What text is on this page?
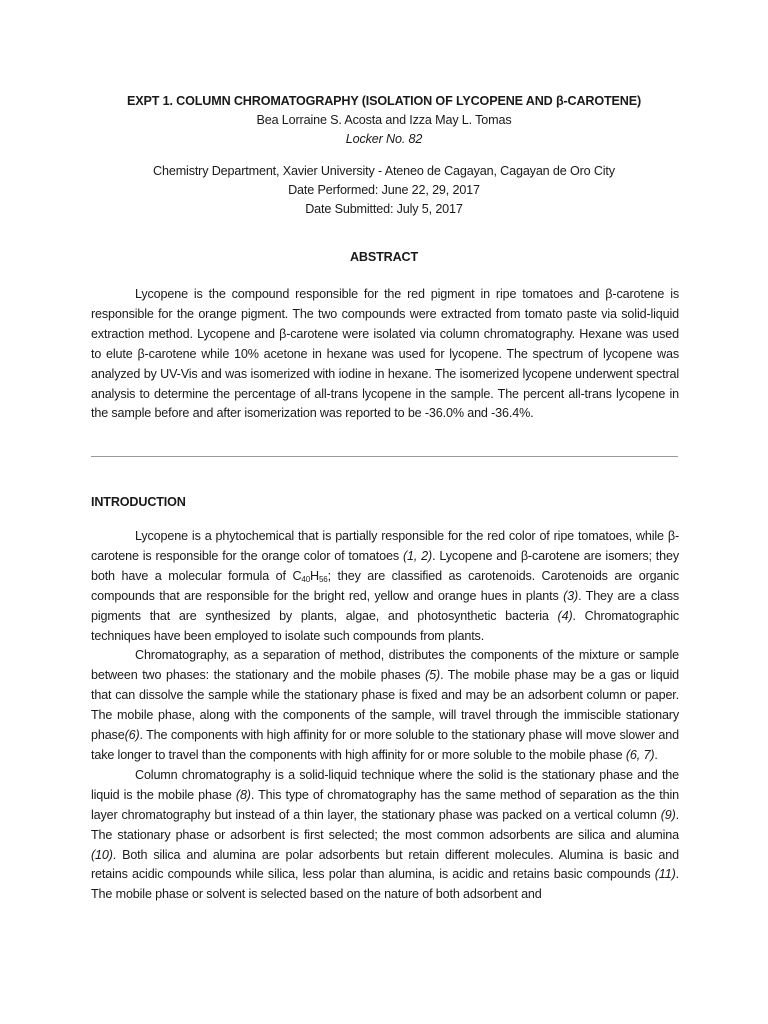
EXPT 1. COLUMN CHROMATOGRAPHY (ISOLATION OF LYCOPENE AND β-CAROTENE)
Bea Lorraine S. Acosta and Izza May L. Tomas
Locker No. 82
Chemistry Department, Xavier University - Ateneo de Cagayan, Cagayan de Oro City
Date Performed: June 22, 29, 2017
Date Submitted: July 5, 2017
ABSTRACT

Lycopene is the compound responsible for the red pigment in ripe tomatoes and β-carotene is responsible for the orange pigment. The two compounds were extracted from tomato paste via solid-liquid extraction method. Lycopene and β-carotene were isolated via column chromatography. Hexane was used to elute β-carotene while 10% acetone in hexane was used for lycopene. The spectrum of lycopene was analyzed by UV-Vis and was isomerized with iodine in hexane. The isomerized lycopene underwent spectral analysis to determine the percentage of all-trans lycopene in the sample. The percent all-trans lycopene in the sample before and after isomerization was reported to be -36.0% and -36.4%.

INTRODUCTION

Lycopene is a phytochemical that is partially responsible for the red color of ripe tomatoes, while β-carotene is responsible for the orange color of tomatoes (1, 2). Lycopene and β-carotene are isomers; they both have a molecular formula of $C_{40}H_{56}$; they are classified as carotenoids. Carotenoids are organic compounds that are responsible for the bright red, yellow and orange hues in plants (3). They are a class pigments that are synthesized by plants, algae, and photosynthetic bacteria (4). Chromatographic techniques have been employed to isolate such compounds from plants.

Chromatography, as a separation of method, distributes the components of the mixture or sample between two phases: the stationary and the mobile phases (5). The mobile phase may be a gas or liquid that can dissolve the sample while the stationary phase is fixed and may be an adsorbent column or paper. The mobile phase, along with the components of the sample, will travel through the immiscible stationary phase(6). The components with high affinity for or more soluble to the stationary phase will move slower and take longer to travel than the components with high affinity for or more soluble to the mobile phase (6, 7).

Column chromatography is a solid-liquid technique where the solid is the stationary phase and the liquid is the mobile phase (8). This type of chromatography has the same method of separation as the thin layer chromatography but instead of a thin layer, the stationary phase was packed on a vertical column (9). The stationary phase or adsorbent is first selected; the most common adsorbents are silica and alumina (10). Both silica and alumina are polar adsorbents but retain different molecules. Alumina is basic and retains acidic compounds while silica, less polar than alumina, is acidic and retains basic compounds (11). The mobile phase or solvent is selected based on the nature of both adsorbent and
